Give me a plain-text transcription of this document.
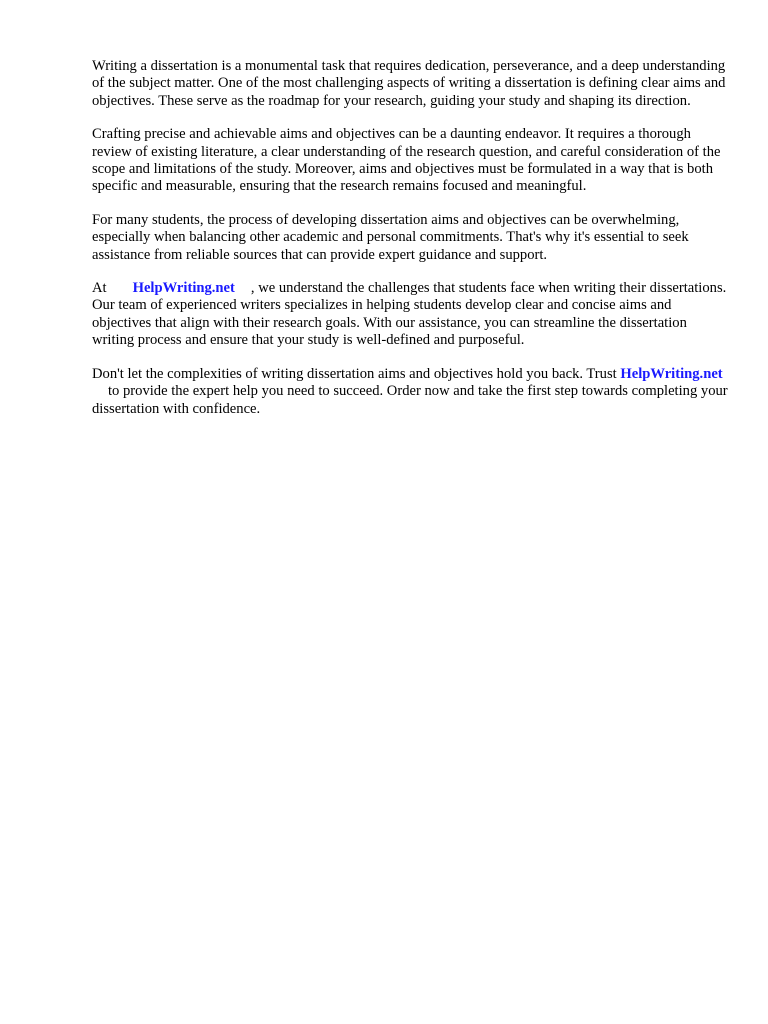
Writing a dissertation is a monumental task that requires dedication, perseverance, and a deep understanding of the subject matter. One of the most challenging aspects of writing a dissertation is defining clear aims and objectives. These serve as the roadmap for your research, guiding your study and shaping its direction.

Crafting precise and achievable aims and objectives can be a daunting endeavor. It requires a thorough review of existing literature, a clear understanding of the research question, and careful consideration of the scope and limitations of the study. Moreover, aims and objectives must be formulated in a way that is both specific and measurable, ensuring that the research remains focused and meaningful.

For many students, the process of developing dissertation aims and objectives can be overwhelming, especially when balancing other academic and personal commitments. That's why it's essential to seek assistance from reliable sources that can provide expert guidance and support.

At HelpWriting.net , we understand the challenges that students face when writing their dissertations. Our team of experienced writers specializes in helping students develop clear and concise aims and objectives that align with their research goals. With our assistance, you can streamline the dissertation writing process and ensure that your study is well-defined and purposeful.

Don't let the complexities of writing dissertation aims and objectives hold you back. Trust HelpWriting.netto provide the expert help you need to succeed. Order now and take the first step towards completing your dissertation with confidence.
